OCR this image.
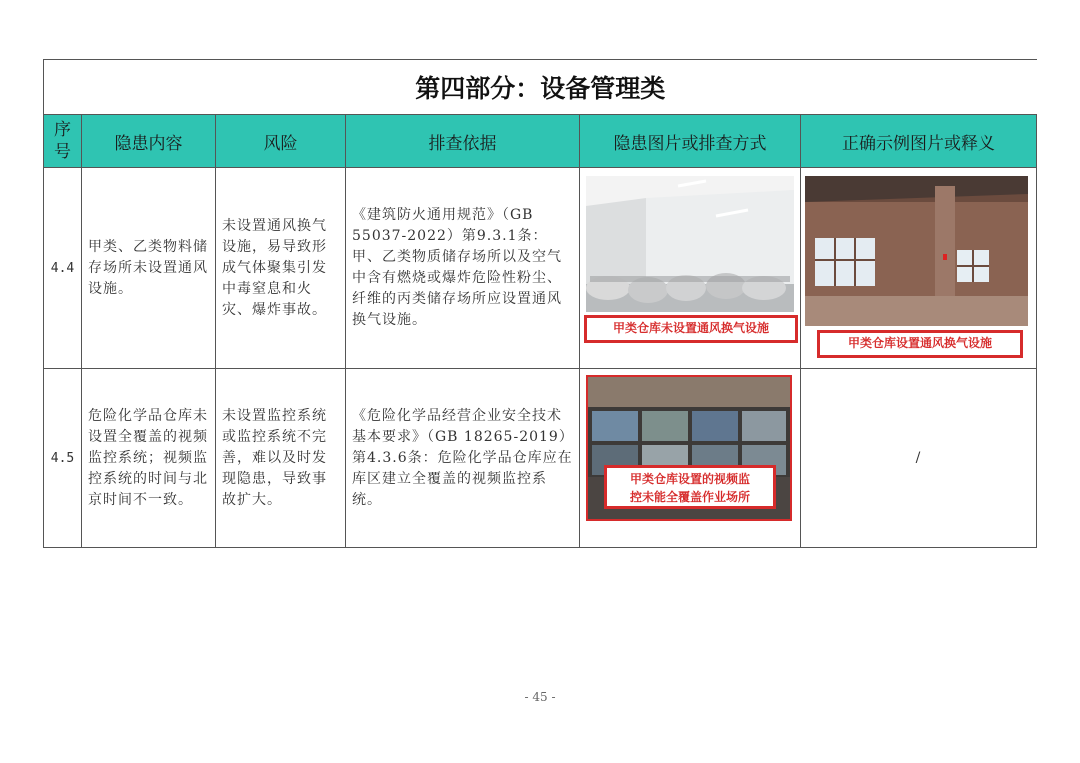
第四部分：设备管理类					

序
号	隐患内容	风险	排查依据	隐患图片或排查方式	正确示例图片或释义
4.4	甲类、乙类物料储存场所未设置通风设施。	未设置通风换气设施，易导致形成气体聚集引发中毒窒息和火灾、爆炸事故。	《建筑防火通用规范》（GB 55037-2022）第9.3.1条：甲、乙类物质储存场所以及空气中含有燃烧或爆炸危险性粉尘、纤维的丙类储存场所应设置通风换气设施。	甲类仓库未设置通风换气设施	甲类仓库设置通风换气设施

4.5	危险化学品仓库未设置全覆盖的视频监控系统；视频监控系统的时间与北京时间不一致。	未设置监控系统或监控系统不完善，难以及时发现隐患，导致事故扩大。	《危险化学品经营企业安全技术基本要求》（GB 18265-2019）第4.3.6条：危险化学品仓库应在库区建立全覆盖的视频监控系统。	甲类仓库设置的视频监
控未能全覆盖作业场所	/
- 45 -
